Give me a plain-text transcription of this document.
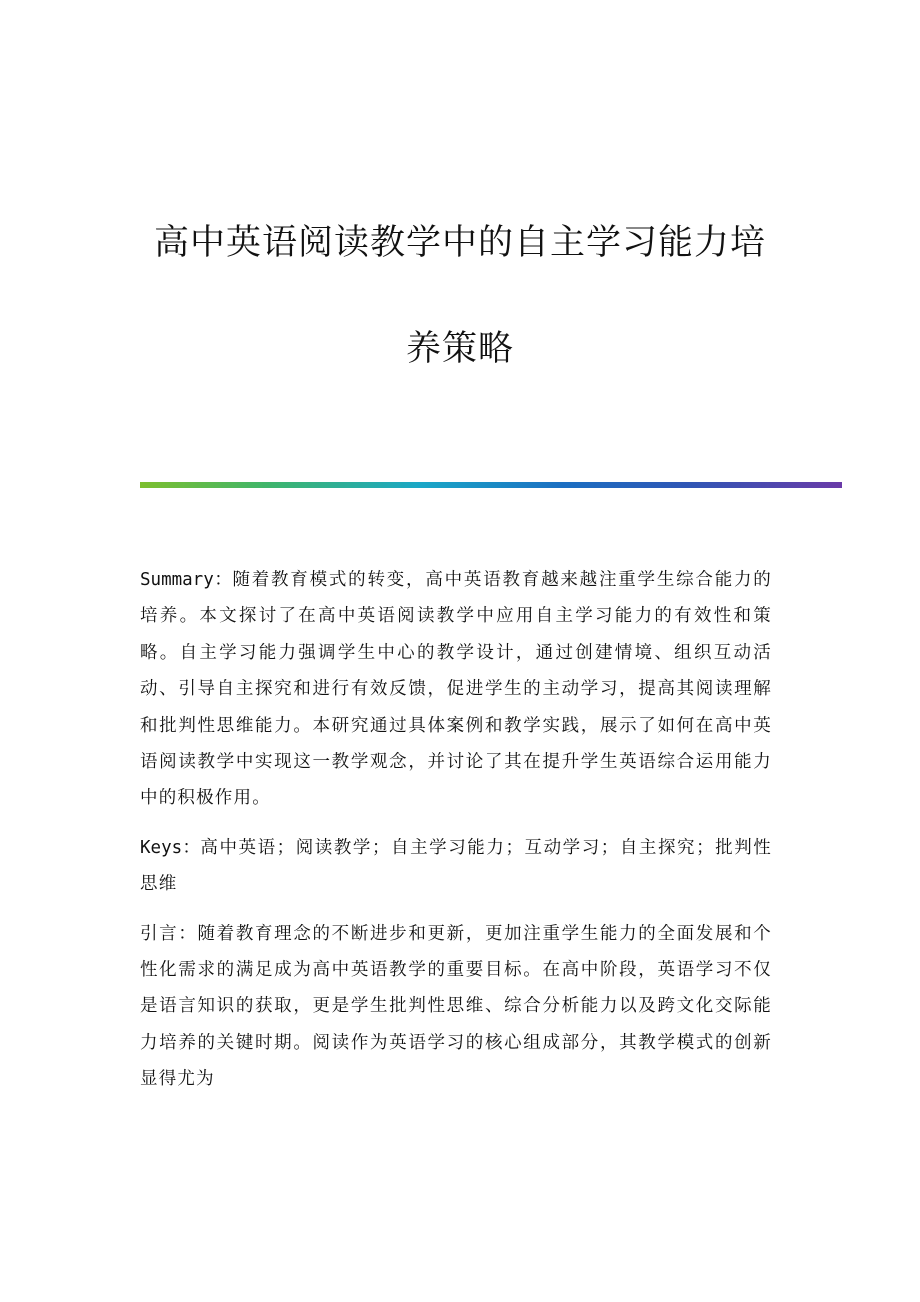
高中英语阅读教学中的自主学习能力培
养策略

Summary：随着教育模式的转变，高中英语教育越来越注重学生综合能力的培养。本文探讨了在高中英语阅读教学中应用自主学习能力的有效性和策略。自主学习能力强调学生中心的教学设计，通过创建情境、组织互动活动、引导自主探究和进行有效反馈，促进学生的主动学习，提高其阅读理解和批判性思维能力。本研究通过具体案例和教学实践，展示了如何在高中英语阅读教学中实现这一教学观念，并讨论了其在提升学生英语综合运用能力中的积极作用。

Keys：高中英语；阅读教学；自主学习能力；互动学习；自主探究；批判性思维

引言：随着教育理念的不断进步和更新，更加注重学生能力的全面发展和个性化需求的满足成为高中英语教学的重要目标。在高中阶段，英语学习不仅是语言知识的获取，更是学生批判性思维、综合分析能力以及跨文化交际能力培养的关键时期。阅读作为英语学习的核心组成部分，其教学模式的创新显得尤为
